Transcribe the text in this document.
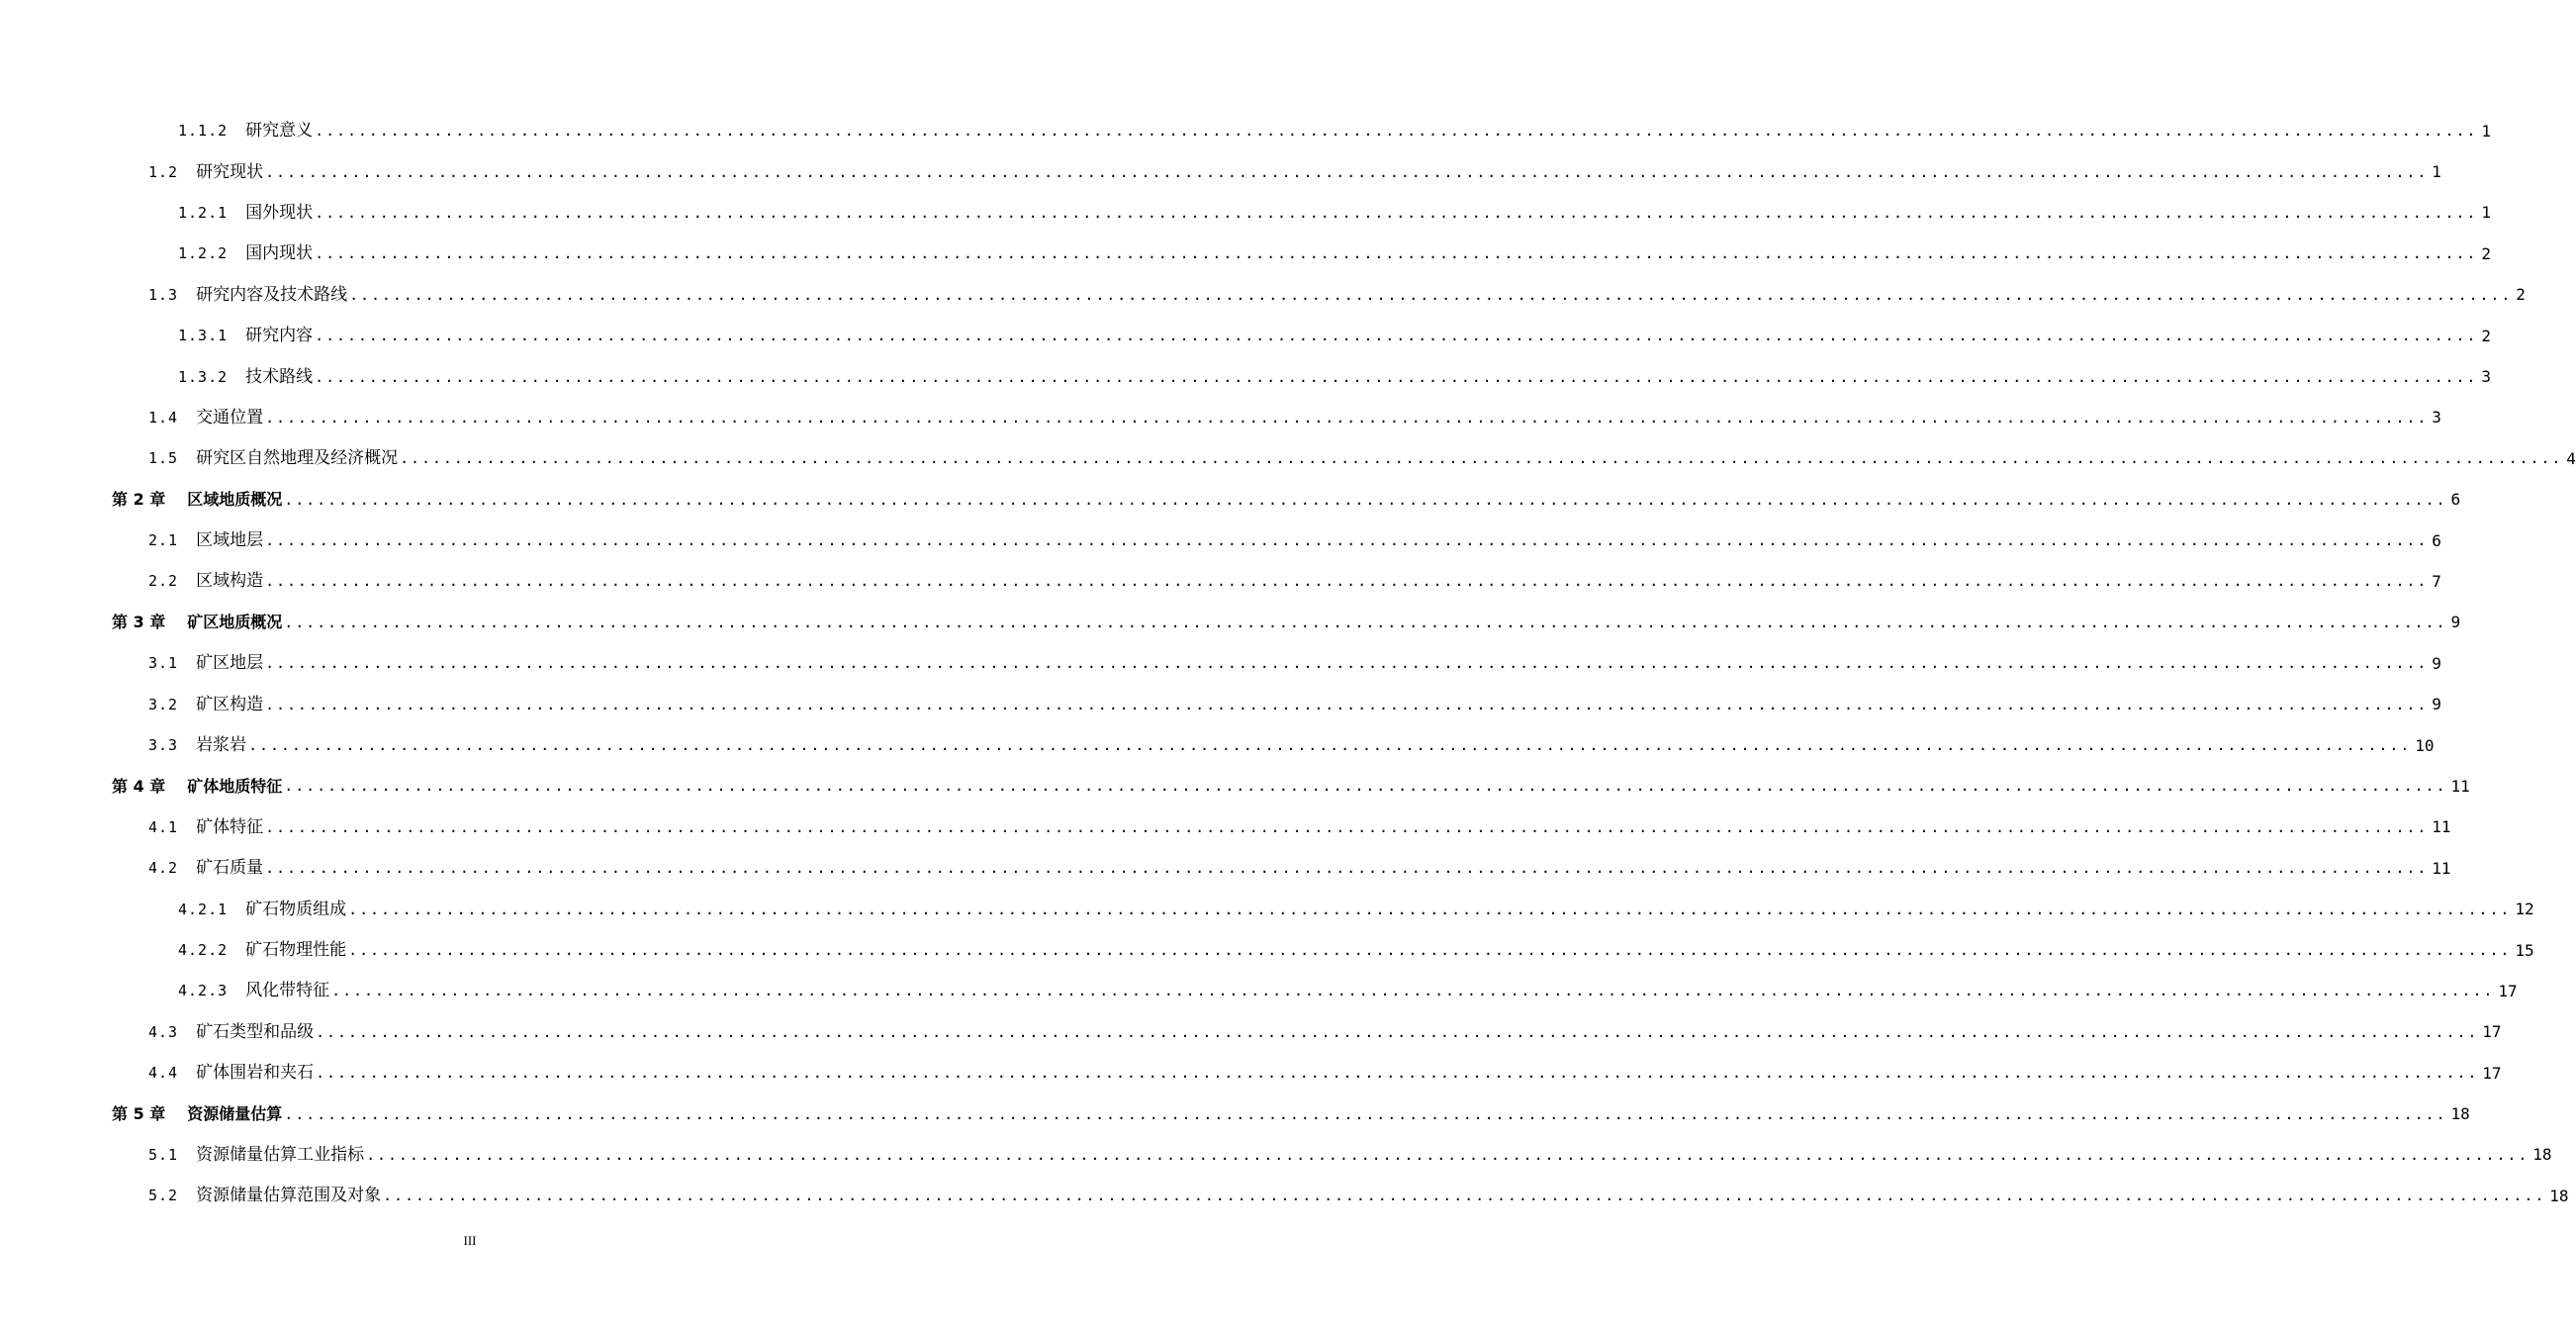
1.1.2 研究意义 ........................................................................................................................................................................................................ 1
1.2 研究现状 ........................................................................................................................................................................................................ 1
1.2.1 国外现状 ........................................................................................................................................................................................................ 1
1.2.2 国内现状 ........................................................................................................................................................................................................ 2
1.3 研究内容及技术路线 ........................................................................................................................................................................................................ 2
1.3.1 研究内容 ........................................................................................................................................................................................................ 2
1.3.2 技术路线 ........................................................................................................................................................................................................ 3
1.4 交通位置 ........................................................................................................................................................................................................ 3
1.5 研究区自然地理及经济概况 ........................................................................................................................................................................................................ 4
第 2 章 区域地质概况 ........................................................................................................................................................................................................ 6
2.1 区域地层 ........................................................................................................................................................................................................ 6
2.2 区域构造 ........................................................................................................................................................................................................ 7
第 3 章 矿区地质概况 ........................................................................................................................................................................................................ 9
3.1 矿区地层 ........................................................................................................................................................................................................ 9
3.2 矿区构造 ........................................................................................................................................................................................................ 9
3.3 岩浆岩 ........................................................................................................................................................................................................ 10
第 4 章 矿体地质特征 ........................................................................................................................................................................................................ 11
4.1 矿体特征 ........................................................................................................................................................................................................ 11
4.2 矿石质量 ........................................................................................................................................................................................................ 11
4.2.1 矿石物质组成 ........................................................................................................................................................................................................ 12
4.2.2 矿石物理性能 ........................................................................................................................................................................................................ 15
4.2.3 风化带特征 ........................................................................................................................................................................................................ 17
4.3 矿石类型和品级 ........................................................................................................................................................................................................ 17
4.4 矿体围岩和夹石 ........................................................................................................................................................................................................ 17
第 5 章 资源储量估算 ........................................................................................................................................................................................................ 18
5.1 资源储量估算工业指标 ........................................................................................................................................................................................................ 18
5.2 资源储量估算范围及对象 ........................................................................................................................................................................................................ 18
III
